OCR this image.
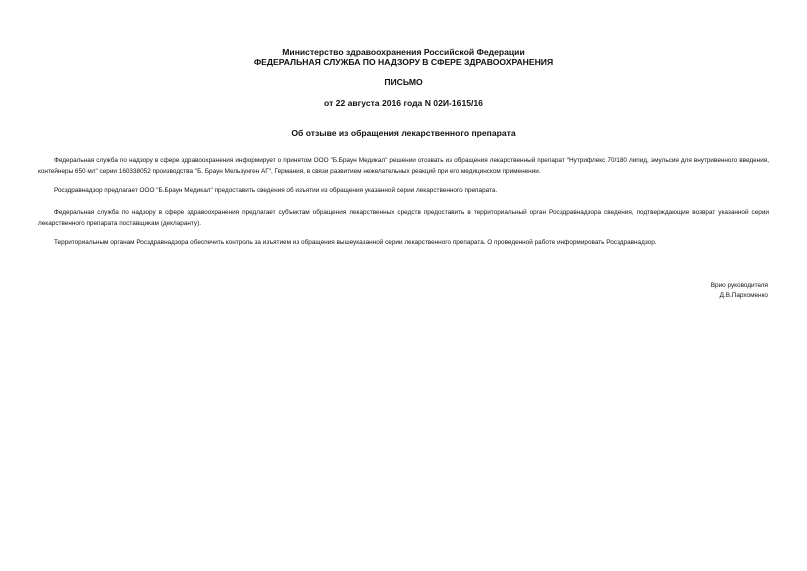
Министерство здравоохранения Российской Федерации
ФЕДЕРАЛЬНАЯ СЛУЖБА ПО НАДЗОРУ В СФЕРЕ ЗДРАВООХРАНЕНИЯ
ПИСЬМО
от 22 августа 2016 года N 02И-1615/16
Об отзыве из обращения лекарственного препарата

Федеральная служба по надзору в сфере здравоохранения информирует о принятом ООО "Б.Браун Медикал" решении отозвать из обращения лекарственный препарат "Нутрифлекс 70/180 липид, эмульсия для внутривенного введения, контейнеры 650 мл" серии 160338052 производства "Б. Браун Мельзунген АГ", Германия, в связи развитием нежелательных реакций при его медицинском применении.

Росздравнадзор предлагает ООО "Б.Браун Медикал" предоставить сведения об изъятии из обращения указанной серии лекарственного препарата.

Федеральная служба по надзору в сфере здравоохранения предлагает субъектам обращения лекарственных средств предоставить в территориальный орган Росздравнадзора сведения, подтверждающие возврат указанной серии лекарственного препарата поставщикам (декларанту).

Территориальным органам Росздравнадзора обеспечить контроль за изъятием из обращения вышеуказанной серии лекарственного препарата. О проведенной работе информировать Росздравнадзор.

Врио руководителя
Д.В.Пархоменко
